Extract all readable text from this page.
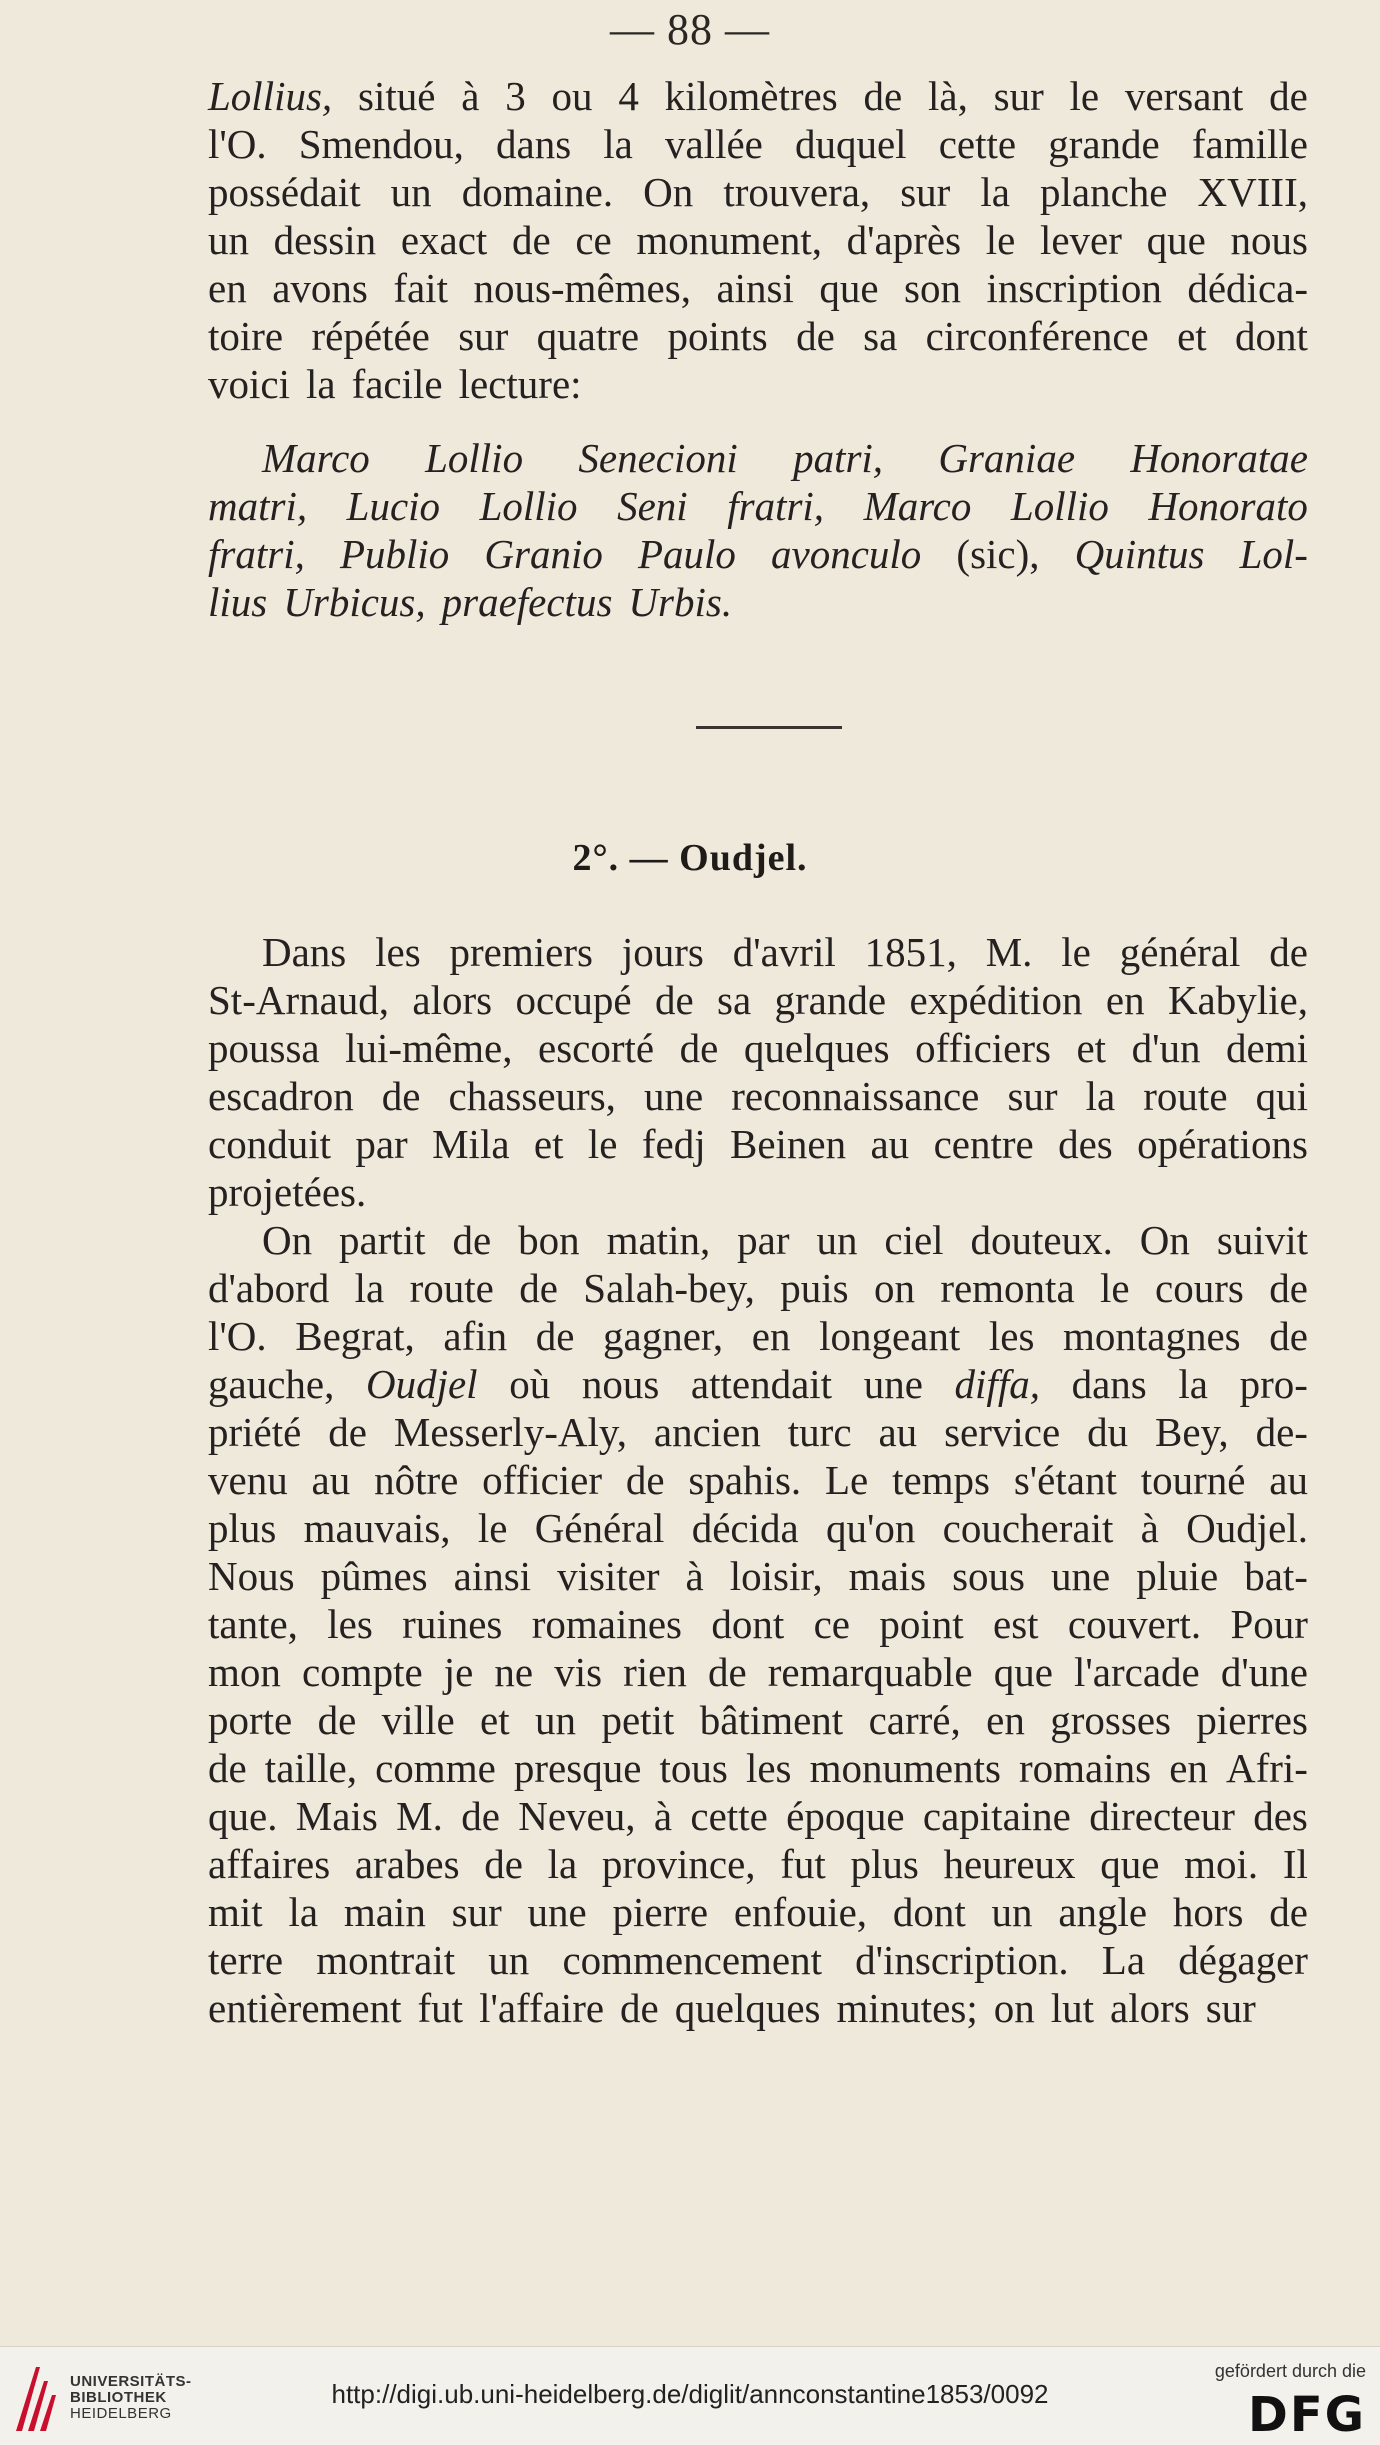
— 88 —
Lollius, situé à 3 ou 4 kilomètres de là, sur le versant de
l'O. Smendou, dans la vallée duquel cette grande famille
possédait un domaine. On trouvera, sur la planche XVIII,
un dessin exact de ce monument, d'après le lever que nous
en avons fait nous-mêmes, ainsi que son inscription dédica-
toire répétée sur quatre points de sa circonférence et dont
voici la facile lecture:
Marco Lollio Senecioni patri, Graniae Honoratae
matri, Lucio Lollio Seni fratri, Marco Lollio Honorato
fratri, Publio Granio Paulo avonculo (sic), Quintus Lol-
lius Urbicus, praefectus Urbis.
2°. — Oudjel.
Dans les premiers jours d'avril 1851, M. le général de
St-Arnaud, alors occupé de sa grande expédition en Kabylie,
poussa lui-même, escorté de quelques officiers et d'un demi
escadron de chasseurs, une reconnaissance sur la route qui
conduit par Mila et le fedj Beinen au centre des opérations
projetées.
On partit de bon matin, par un ciel douteux. On suivit
d'abord la route de Salah-bey, puis on remonta le cours de
l'O. Begrat, afin de gagner, en longeant les montagnes de
gauche, Oudjel où nous attendait une diffa, dans la pro-
priété de Messerly-Aly, ancien turc au service du Bey, de-
venu au nôtre officier de spahis. Le temps s'étant tourné au
plus mauvais, le Général décida qu'on coucherait à Oudjel.
Nous pûmes ainsi visiter à loisir, mais sous une pluie bat-
tante, les ruines romaines dont ce point est couvert. Pour
mon compte je ne vis rien de remarquable que l'arcade d'une
porte de ville et un petit bâtiment carré, en grosses pierres
de taille, comme presque tous les monuments romains en Afri-
que. Mais M. de Neveu, à cette époque capitaine directeur des
affaires arabes de la province, fut plus heureux que moi. Il
mit la main sur une pierre enfouie, dont un angle hors de
terre montrait un commencement d'inscription. La dégager
entièrement fut l'affaire de quelques minutes; on lut alors sur
UNIVERSITÄTS-
BIBLIOTHEK
HEIDELBERG
http://digi.ub.uni-heidelberg.de/diglit/annconstantine1853/0092
gefördert durch die
DFG
